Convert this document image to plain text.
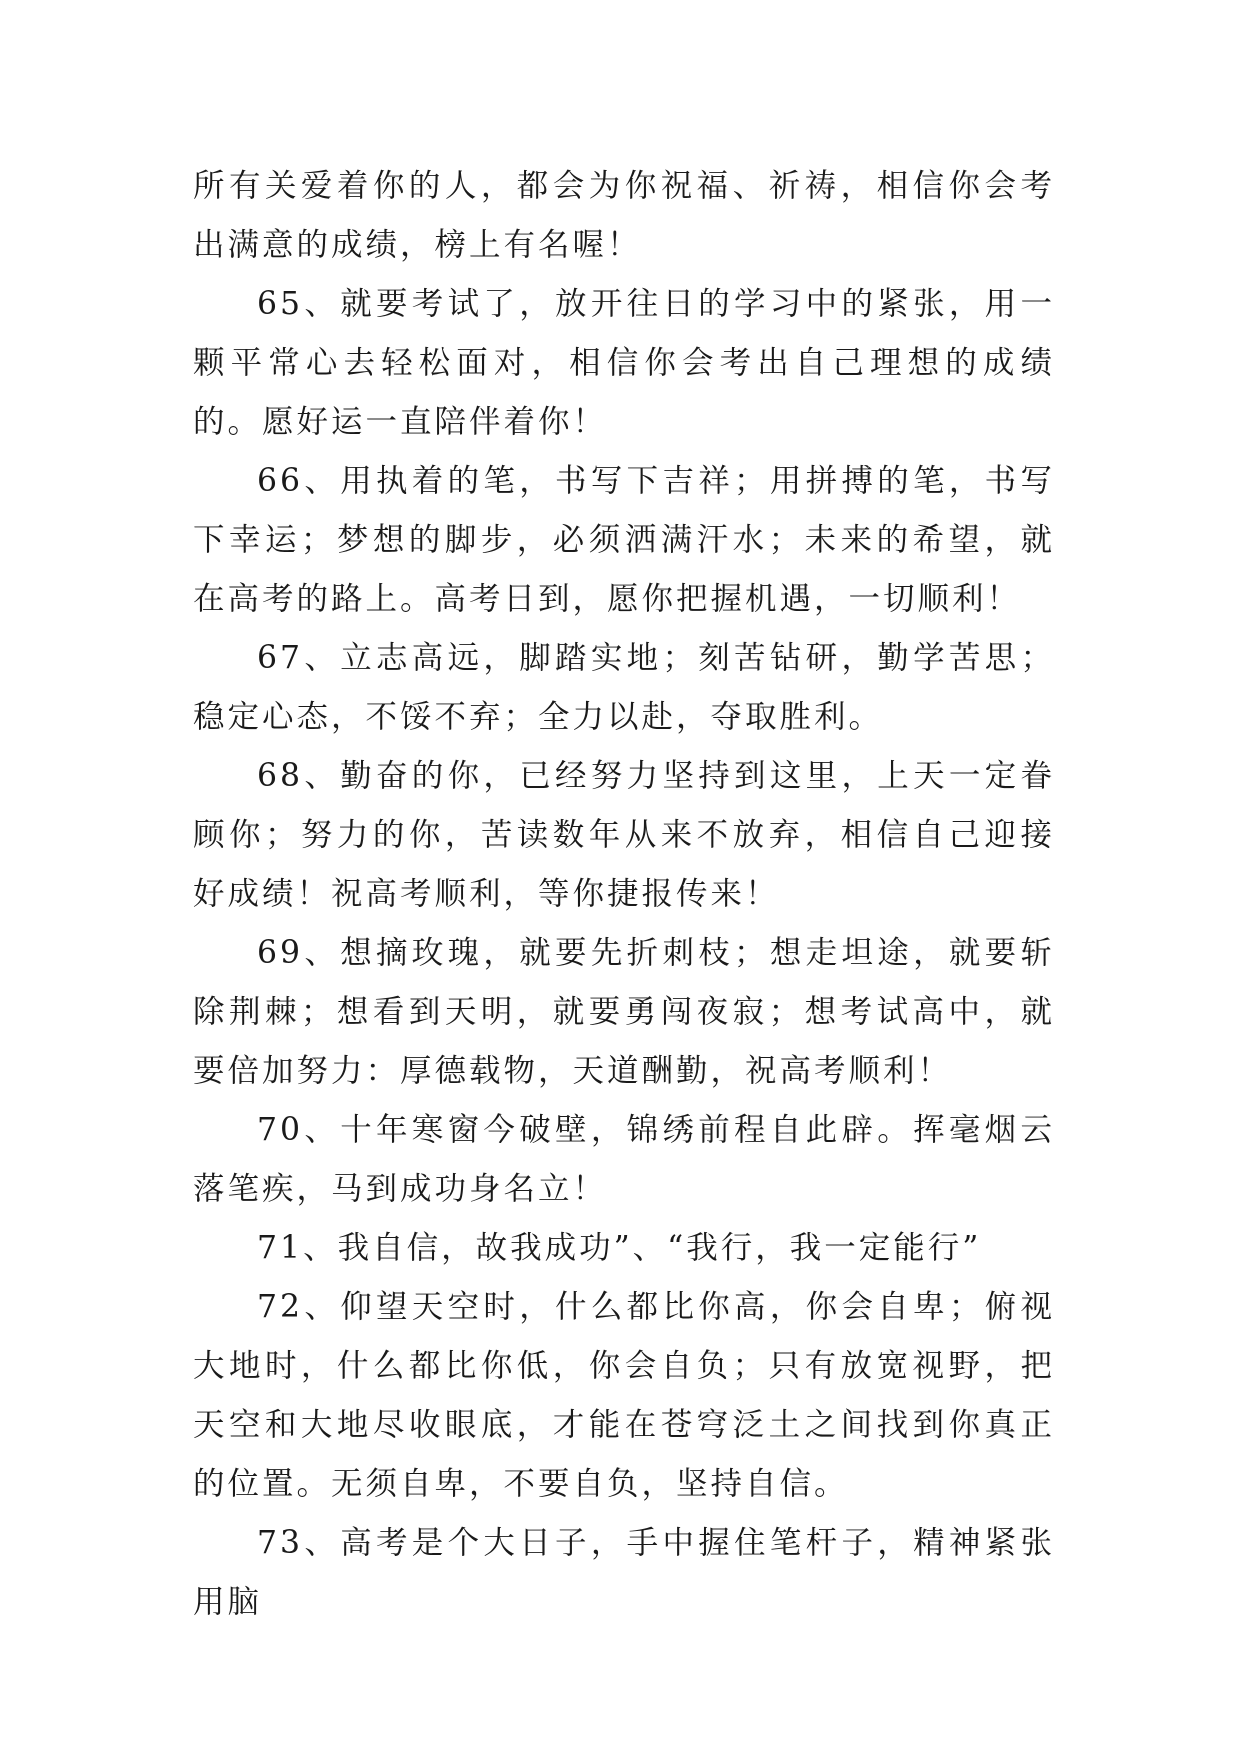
所有关爱着你的人，都会为你祝福、祈祷，相信你会考出满意的成绩，榜上有名喔！

65、就要考试了，放开往日的学习中的紧张，用一颗平常心去轻松面对，相信你会考出自己理想的成绩的。愿好运一直陪伴着你！

66、用执着的笔，书写下吉祥；用拼搏的笔，书写下幸运；梦想的脚步，必须洒满汗水；未来的希望，就在高考的路上。高考日到，愿你把握机遇，一切顺利！

67、立志高远，脚踏实地；刻苦钻研，勤学苦思；稳定心态，不馁不弃；全力以赴，夺取胜利。

68、勤奋的你，已经努力坚持到这里，上天一定眷顾你；努力的你，苦读数年从来不放弃，相信自己迎接好成绩！祝高考顺利，等你捷报传来！

69、想摘玫瑰，就要先折刺枝；想走坦途，就要斩除荆棘；想看到天明，就要勇闯夜寂；想考试高中，就要倍加努力：厚德载物，天道酬勤，祝高考顺利！

70、十年寒窗今破壁，锦绣前程自此辟。挥毫烟云落笔疾，马到成功身名立！

71、我自信，故我成功”、“我行，我一定能行”

72、仰望天空时，什么都比你高，你会自卑；俯视大地时，什么都比你低，你会自负；只有放宽视野，把天空和大地尽收眼底，才能在苍穹泛土之间找到你真正的位置。无须自卑，不要自负，坚持自信。

73、高考是个大日子，手中握住笔杆子，精神紧张用脑
